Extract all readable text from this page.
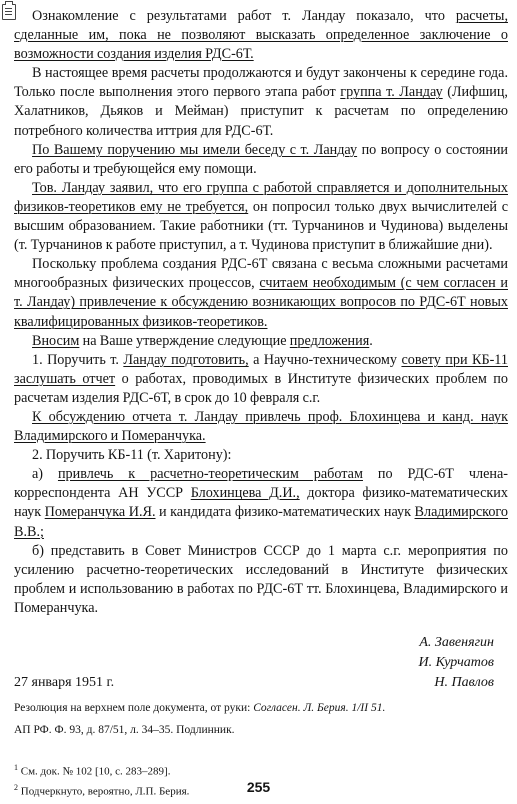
Ознакомление с результатами работ т. Ландау показало, что расчеты, сделанные им, пока не позволяют высказать определенное заключение о возможности создания изделия РДС-6Т.

В настоящее время расчеты продолжаются и будут закончены к середине года. Только после выполнения этого первого этапа работ группа т. Ландау (Лифшиц, Халатников, Дьяков и Мейман) приступит к расчетам по определению потребного количества иттрия для РДС-6Т.

По Вашему поручению мы имели беседу с т. Ландау по вопросу о состоянии его работы и требующейся ему помощи.

Тов. Ландау заявил, что его группа с работой справляется и дополнительных физиков-теоретиков ему не требуется, он попросил только двух вычислителей с высшим образованием. Такие работники (тт. Турчанинов и Чудинова) выделены (т. Турчанинов к работе приступил, а т. Чудинова приступит в ближайшие дни).

Поскольку проблема создания РДС-6Т связана с весьма сложными расчетами многообразных физических процессов, считаем необходимым (с чем согласен и т. Ландау) привлечение к обсуждению возникающих вопросов по РДС-6Т новых квалифицированных физиков-теоретиков.

Вносим на Ваше утверждение следующие предложения.

1. Поручить т. Ландау подготовить, а Научно-техническому совету при КБ-11 заслушать отчет о работах, проводимых в Институте физических проблем по расчетам изделия РДС-6Т, в срок до 10 февраля с.г.

К обсуждению отчета т. Ландау привлечь проф. Блохинцева и канд. наук Владимирского и Померанчука.

2. Поручить КБ-11 (т. Харитону):

а) привлечь к расчетно-теоретическим работам по РДС-6Т члена-корреспондента АН УССР Блохинцева Д.И., доктора физико-математических наук Померанчука И.Я. и кандидата физико-математических наук Владимирского В.В.;

б) представить в Совет Министров СССР до 1 марта с.г. мероприятия по усилению расчетно-теоретических исследований в Институте физических проблем и использованию в работах по РДС-6Т тт. Блохинцева, Владимирского и Померанчука.

А. Завенягин
И. Курчатов
27 января 1951 г.	Н. Павлов

Резолюция на верхнем поле документа, от руки: Согласен. Л. Берия. 1/II 51.

АП РФ. Ф. 93, д. 87/51, л. 34–35. Подлинник.

$^1$ См. док. № 102 [10, с. 283–289].

$^2$ Подчеркнуто, вероятно, Л.П. Берия.	255
